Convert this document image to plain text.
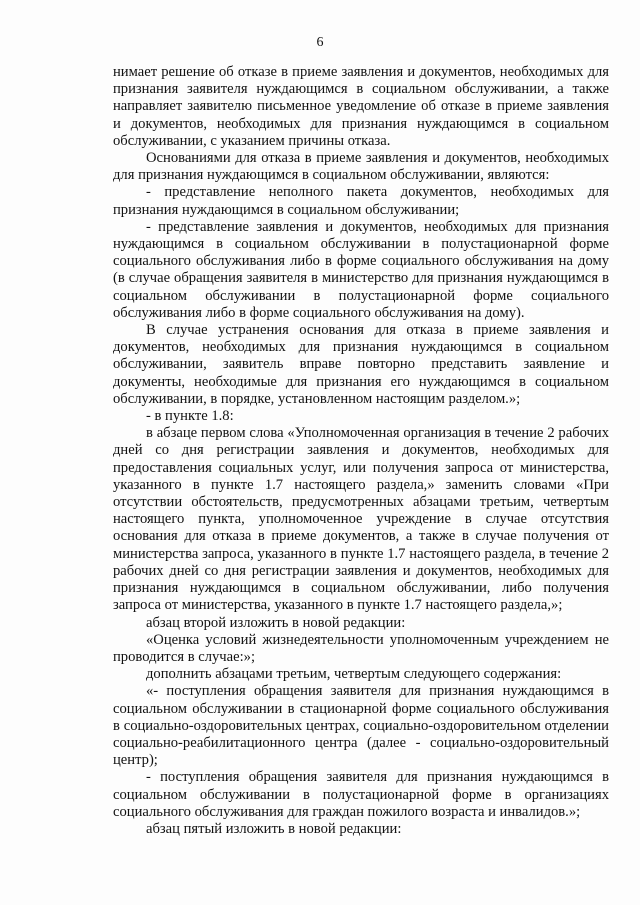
6

нимает решение об отказе в приеме заявления и документов, необходимых для признания заявителя нуждающимся в социальном обслуживании, а также направляет заявителю письменное уведомление об отказе в приеме заявления и документов, необходимых для признания нуждающимся в социальном обслуживании, с указанием причины отказа.

Основаниями для отказа в приеме заявления и документов, необходимых для признания нуждающимся в социальном обслуживании, являются:

- представление неполного пакета документов, необходимых для признания нуждающимся в социальном обслуживании;

- представление заявления и документов, необходимых для признания нуждающимся в социальном обслуживании в полустационарной форме социального обслуживания либо в форме социального обслуживания на дому (в случае обращения заявителя в министерство для признания нуждающимся в социальном обслуживании в полустационарной форме социального обслуживания либо в форме социального обслуживания на дому).

В случае устранения основания для отказа в приеме заявления и документов, необходимых для признания нуждающимся в социальном обслуживании, заявитель вправе повторно представить заявление и документы, необходимые для признания его нуждающимся в социальном обслуживании, в порядке, установленном настоящим разделом.»;

- в пункте 1.8:

в абзаце первом слова «Уполномоченная организация в течение 2 рабочих дней со дня регистрации заявления и документов, необходимых для предоставления социальных услуг, или получения запроса от министерства, указанного в пункте 1.7 настоящего раздела,» заменить словами «При отсутствии обстоятельств, предусмотренных абзацами третьим, четвертым настоящего пункта, уполномоченное учреждение в случае отсутствия основания для отказа в приеме документов, а также в случае получения от министерства запроса, указанного в пункте 1.7 настоящего раздела, в течение 2 рабочих дней со дня регистрации заявления и документов, необходимых для признания нуждающимся в социальном обслуживании, либо получения запроса от министерства, указанного в пункте 1.7 настоящего раздела,»;

абзац второй изложить в новой редакции:

«Оценка условий жизнедеятельности уполномоченным учреждением не проводится в случае:»;

дополнить абзацами третьим, четвертым следующего содержания:

«- поступления обращения заявителя для признания нуждающимся в социальном обслуживании в стационарной форме социального обслуживания в социально-оздоровительных центрах, социально-оздоровительном отделении социально-реабилитационного центра (далее - социально-оздоровительный центр);

- поступления обращения заявителя для признания нуждающимся в социальном обслуживании в полустационарной форме в организациях социального обслуживания для граждан пожилого возраста и инвалидов.»;

абзац пятый изложить в новой редакции:
